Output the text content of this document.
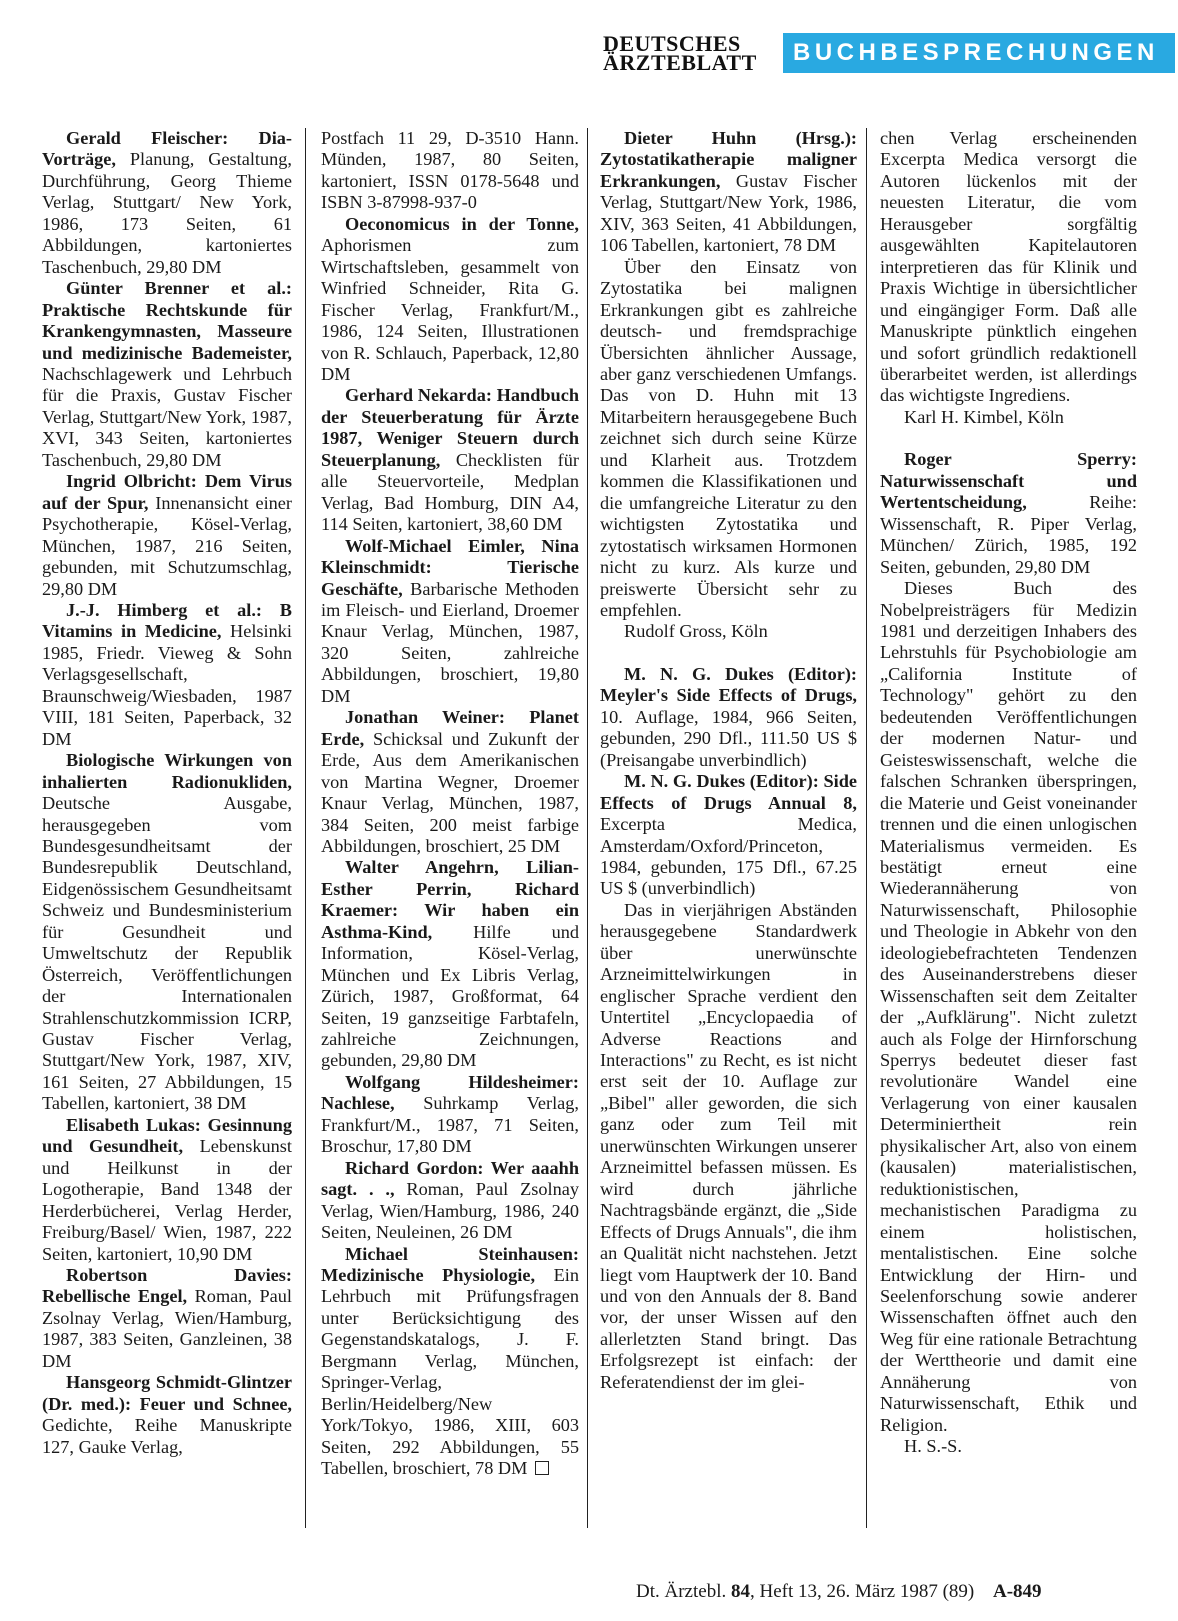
DEUTSCHES
ÄRZTEBLATT	BUCHBESPRECHUNGEN

Gerald Fleischer: Dia-Vorträge, Planung, Gestaltung, Durchführung, Georg Thieme Verlag, Stuttgart/ New York, 1986, 173 Seiten, 61 Abbildungen, kartoniertes Taschenbuch, 29,80 DM

Günter Brenner et al.: Praktische Rechtskunde für Krankengymnasten, Masseure und medizinische Bademeister, Nachschlagewerk und Lehrbuch für die Praxis, Gustav Fischer Verlag, Stuttgart/New York, 1987, XVI, 343 Seiten, kartoniertes Taschenbuch, 29,80 DM

Ingrid Olbricht: Dem Virus auf der Spur, Innenansicht einer Psychotherapie, Kösel-Verlag, München, 1987, 216 Seiten, gebunden, mit Schutzumschlag, 29,80 DM

J.-J. Himberg et al.: B Vitamins in Medicine, Helsinki 1985, Friedr. Vieweg & Sohn Verlagsgesellschaft, Braunschweig/Wiesbaden, 1987 VIII, 181 Seiten, Paperback, 32 DM

Biologische Wirkungen von inhalierten Radionukliden, Deutsche Ausgabe, herausgegeben vom Bundesgesundheitsamt der Bundesrepublik Deutschland, Eidgenössischem Gesundheitsamt Schweiz und Bundesministerium für Gesundheit und Umweltschutz der Republik Österreich, Veröffentlichungen der Internationalen Strahlenschutzkommission ICRP, Gustav Fischer Verlag, Stuttgart/New York, 1987, XIV, 161 Seiten, 27 Abbildungen, 15 Tabellen, kartoniert, 38 DM

Elisabeth Lukas: Gesinnung und Gesundheit, Lebenskunst und Heilkunst in der Logotherapie, Band 1348 der Herderbücherei, Verlag Herder, Freiburg/Basel/ Wien, 1987, 222 Seiten, kartoniert, 10,90 DM

Robertson Davies: Rebellische Engel, Roman, Paul Zsolnay Verlag, Wien/Hamburg, 1987, 383 Seiten, Ganzleinen, 38 DM

Hansgeorg Schmidt-Glintzer (Dr. med.): Feuer und Schnee, Gedichte, Reihe Manuskripte 127, Gauke Verlag,

Postfach 11 29, D-3510 Hann. Münden, 1987, 80 Seiten, kartoniert, ISSN 0178-5648 und ISBN 3-87998-937-0

Oeconomicus in der Tonne, Aphorismen zum Wirtschaftsleben, gesammelt von Winfried Schneider, Rita G. Fischer Verlag, Frankfurt/M., 1986, 124 Seiten, Illustrationen von R. Schlauch, Paperback, 12,80 DM

Gerhard Nekarda: Handbuch der Steuerberatung für Ärzte 1987, Weniger Steuern durch Steuerplanung, Checklisten für alle Steuervorteile, Medplan Verlag, Bad Homburg, DIN A4, 114 Seiten, kartoniert, 38,60 DM

Wolf-Michael Eimler, Nina Kleinschmidt: Tierische Geschäfte, Barbarische Methoden im Fleisch- und Eierland, Droemer Knaur Verlag, München, 1987, 320 Seiten, zahlreiche Abbildungen, broschiert, 19,80 DM

Jonathan Weiner: Planet Erde, Schicksal und Zukunft der Erde, Aus dem Amerikanischen von Martina Wegner, Droemer Knaur Verlag, München, 1987, 384 Seiten, 200 meist farbige Abbildungen, broschiert, 25 DM

Walter Angehrn, Lilian-Esther Perrin, Richard Kraemer: Wir haben ein Asthma-Kind, Hilfe und Information, Kösel-Verlag, München und Ex Libris Verlag, Zürich, 1987, Großformat, 64 Seiten, 19 ganzseitige Farbtafeln, zahlreiche Zeichnungen, gebunden, 29,80 DM

Wolfgang Hildesheimer: Nachlese, Suhrkamp Verlag, Frankfurt/M., 1987, 71 Seiten, Broschur, 17,80 DM

Richard Gordon: Wer aaahh sagt. . ., Roman, Paul Zsolnay Verlag, Wien/Hamburg, 1986, 240 Seiten, Neuleinen, 26 DM

Michael Steinhausen: Medizinische Physiologie, Ein Lehrbuch mit Prüfungsfragen unter Berücksichtigung des Gegenstandskatalogs, J. F. Bergmann Verlag, München, Springer-Verlag, Berlin/Heidelberg/New York/Tokyo, 1986, XIII, 603 Seiten, 292 Abbildungen, 55 Tabellen, broschiert, 78 DM

Dieter Huhn (Hrsg.): Zytostatikatherapie maligner Erkrankungen, Gustav Fischer Verlag, Stuttgart/New York, 1986, XIV, 363 Seiten, 41 Abbildungen, 106 Tabellen, kartoniert, 78 DM

Über den Einsatz von Zytostatika bei malignen Erkrankungen gibt es zahlreiche deutsch- und fremdsprachige Übersichten ähnlicher Aussage, aber ganz verschiedenen Umfangs. Das von D. Huhn mit 13 Mitarbeitern herausgegebene Buch zeichnet sich durch seine Kürze und Klarheit aus. Trotzdem kommen die Klassifikationen und die umfangreiche Literatur zu den wichtigsten Zytostatika und zytostatisch wirksamen Hormonen nicht zu kurz. Als kurze und preiswerte Übersicht sehr zu empfehlen.

Rudolf Gross, Köln

M. N. G. Dukes (Editor): Meyler's Side Effects of Drugs, 10. Auflage, 1984, 966 Seiten, gebunden, 290 Dfl., 111.50 US $ (Preisangabe unverbindlich)

M. N. G. Dukes (Editor): Side Effects of Drugs Annual 8, Excerpta Medica, Amsterdam/Oxford/Princeton, 1984, gebunden, 175 Dfl., 67.25 US $ (unverbindlich)

Das in vierjährigen Abständen herausgegebene Standardwerk über unerwünschte Arzneimittelwirkungen in englischer Sprache verdient den Untertitel „Encyclopaedia of Adverse Reactions and Interactions" zu Recht, es ist nicht erst seit der 10. Auflage zur „Bibel" aller geworden, die sich ganz oder zum Teil mit unerwünschten Wirkungen unserer Arzneimittel befassen müssen. Es wird durch jährliche Nachtragsbände ergänzt, die „Side Effects of Drugs Annuals", die ihm an Qualität nicht nachstehen. Jetzt liegt vom Hauptwerk der 10. Band und von den Annuals der 8. Band vor, der unser Wissen auf den allerletzten Stand bringt. Das Erfolgsrezept ist einfach: der Referatendienst der im glei-

chen Verlag erscheinenden Excerpta Medica versorgt die Autoren lückenlos mit der neuesten Literatur, die vom Herausgeber sorgfältig ausgewählten Kapitelautoren interpretieren das für Klinik und Praxis Wichtige in übersichtlicher und eingängiger Form. Daß alle Manuskripte pünktlich eingehen und sofort gründlich redaktionell überarbeitet werden, ist allerdings das wichtigste Ingrediens.

Karl H. Kimbel, Köln

Roger Sperry: Naturwissenschaft und Wertentscheidung, Reihe: Wissenschaft, R. Piper Verlag, München/ Zürich, 1985, 192 Seiten, gebunden, 29,80 DM

Dieses Buch des Nobelpreisträgers für Medizin 1981 und derzeitigen Inhabers des Lehrstuhls für Psychobiologie am „California Institute of Technology" gehört zu den bedeutenden Veröffentlichungen der modernen Natur- und Geisteswissenschaft, welche die falschen Schranken überspringen, die Materie und Geist voneinander trennen und die einen unlogischen Materialismus vermeiden. Es bestätigt erneut eine Wiederannäherung von Naturwissenschaft, Philosophie und Theologie in Abkehr von den ideologiebefrachteten Tendenzen des Auseinanderstrebens dieser Wissenschaften seit dem Zeitalter der „Aufklärung". Nicht zuletzt auch als Folge der Hirnforschung Sperrys bedeutet dieser fast revolutionäre Wandel eine Verlagerung von einer kausalen Determiniertheit rein physikalischer Art, also von einem (kausalen) materialistischen, reduktionistischen, mechanistischen Paradigma zu einem holistischen, mentalistischen. Eine solche Entwicklung der Hirn- und Seelenforschung sowie anderer Wissenschaften öffnet auch den Weg für eine rationale Betrachtung der Werttheorie und damit eine Annäherung von Naturwissenschaft, Ethik und Religion.

H. S.-S.

Dt. Ärztebl. 84, Heft 13, 26. März 1987 (89) A-849
